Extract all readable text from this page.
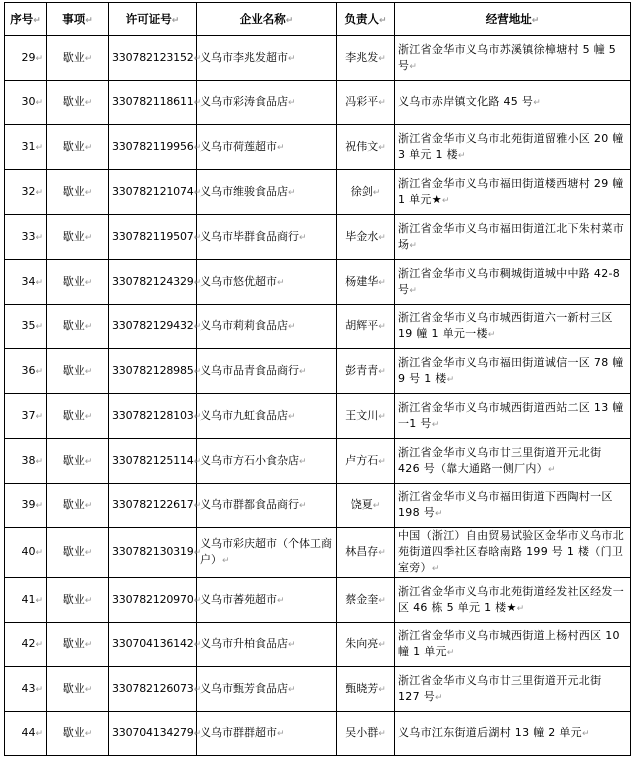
序号↵	事项↵	许可证号↵	企业名称↵	负责人↵	经营地址↵
29↵	歇业↵	330782123152↵	义乌市李兆发超市↵	李兆发↵	浙江省金华市义乌市苏溪镇徐樟塘村 5 幢 5 号↵
30↵	歇业↵	330782118611↵	义乌市彩涛食品店↵	冯彩平↵	义乌市赤岸镇文化路 45 号↵
31↵	歇业↵	330782119956↵	义乌市荷莲超市↵	祝伟文↵	浙江省金华市义乌市北苑街道留雅小区 20 幢 3 单元 1 楼↵
32↵	歇业↵	330782121074↵	义乌市维骏食品店↵	徐剑↵	浙江省金华市义乌市福田街道楼西塘村 29 幢 1 单元★↵
33↵	歇业↵	330782119507↵	义乌市毕群食品商行↵	毕金水↵	浙江省金华市义乌市福田街道江北下朱村菜市场↵
34↵	歇业↵	330782124329↵	义乌市悠优超市↵	杨建华↵	浙江省金华市义乌市稠城街道城中中路 42-8 号↵
35↵	歇业↵	330782129432↵	义乌市莉莉食品店↵	胡辉平↵	浙江省金华市义乌市城西街道六一新村三区 19 幢 1 单元一楼↵
36↵	歇业↵	330782128985↵	义乌市品青食品商行↵	彭青青↵	浙江省金华市义乌市福田街道诚信一区 78 幢 9 号 1 楼↵
37↵	歇业↵	330782128103↵	义乌市九虹食品店↵	王文川↵	浙江省金华市义乌市城西街道西站二区 13 幢一1 号↵
38↵	歇业↵	330782125114↵	义乌市方石小食杂店↵	卢方石↵	浙江省金华市义乌市廿三里街道开元北街 426 号（靠大通路一侧厂内）↵
39↵	歇业↵	330782122617↵	义乌市群都食品商行↵	饶夏↵	浙江省金华市义乌市福田街道下西陶村一区 198 号↵
40↵	歇业↵	330782130319↵	义乌市彩庆超市（个体工商户）↵	林昌存↵	中国（浙江）自由贸易试验区金华市义乌市北苑街道四季社区春晗南路 199 号 1 楼（门卫室旁）↵
41↵	歇业↵	330782120970↵	义乌市萫苑超市↵	蔡金奎↵	浙江省金华市义乌市北苑街道经发社区经发一区 46 栋 5 单元 1 楼★↵
42↵	歇业↵	330704136142↵	义乌市升柏食品店↵	朱向亮↵	浙江省金华市义乌市城西街道上杨村西区 10 幢 1 单元↵
43↵	歇业↵	330782126073↵	义乌市甄芳食品店↵	甄晓芳↵	浙江省金华市义乌市廿三里街道开元北街 127 号↵
44↵	歇业↵	330704134279↵	义乌市群群超市↵	吴小群↵	义乌市江东街道后湖村 13 幢 2 单元↵
